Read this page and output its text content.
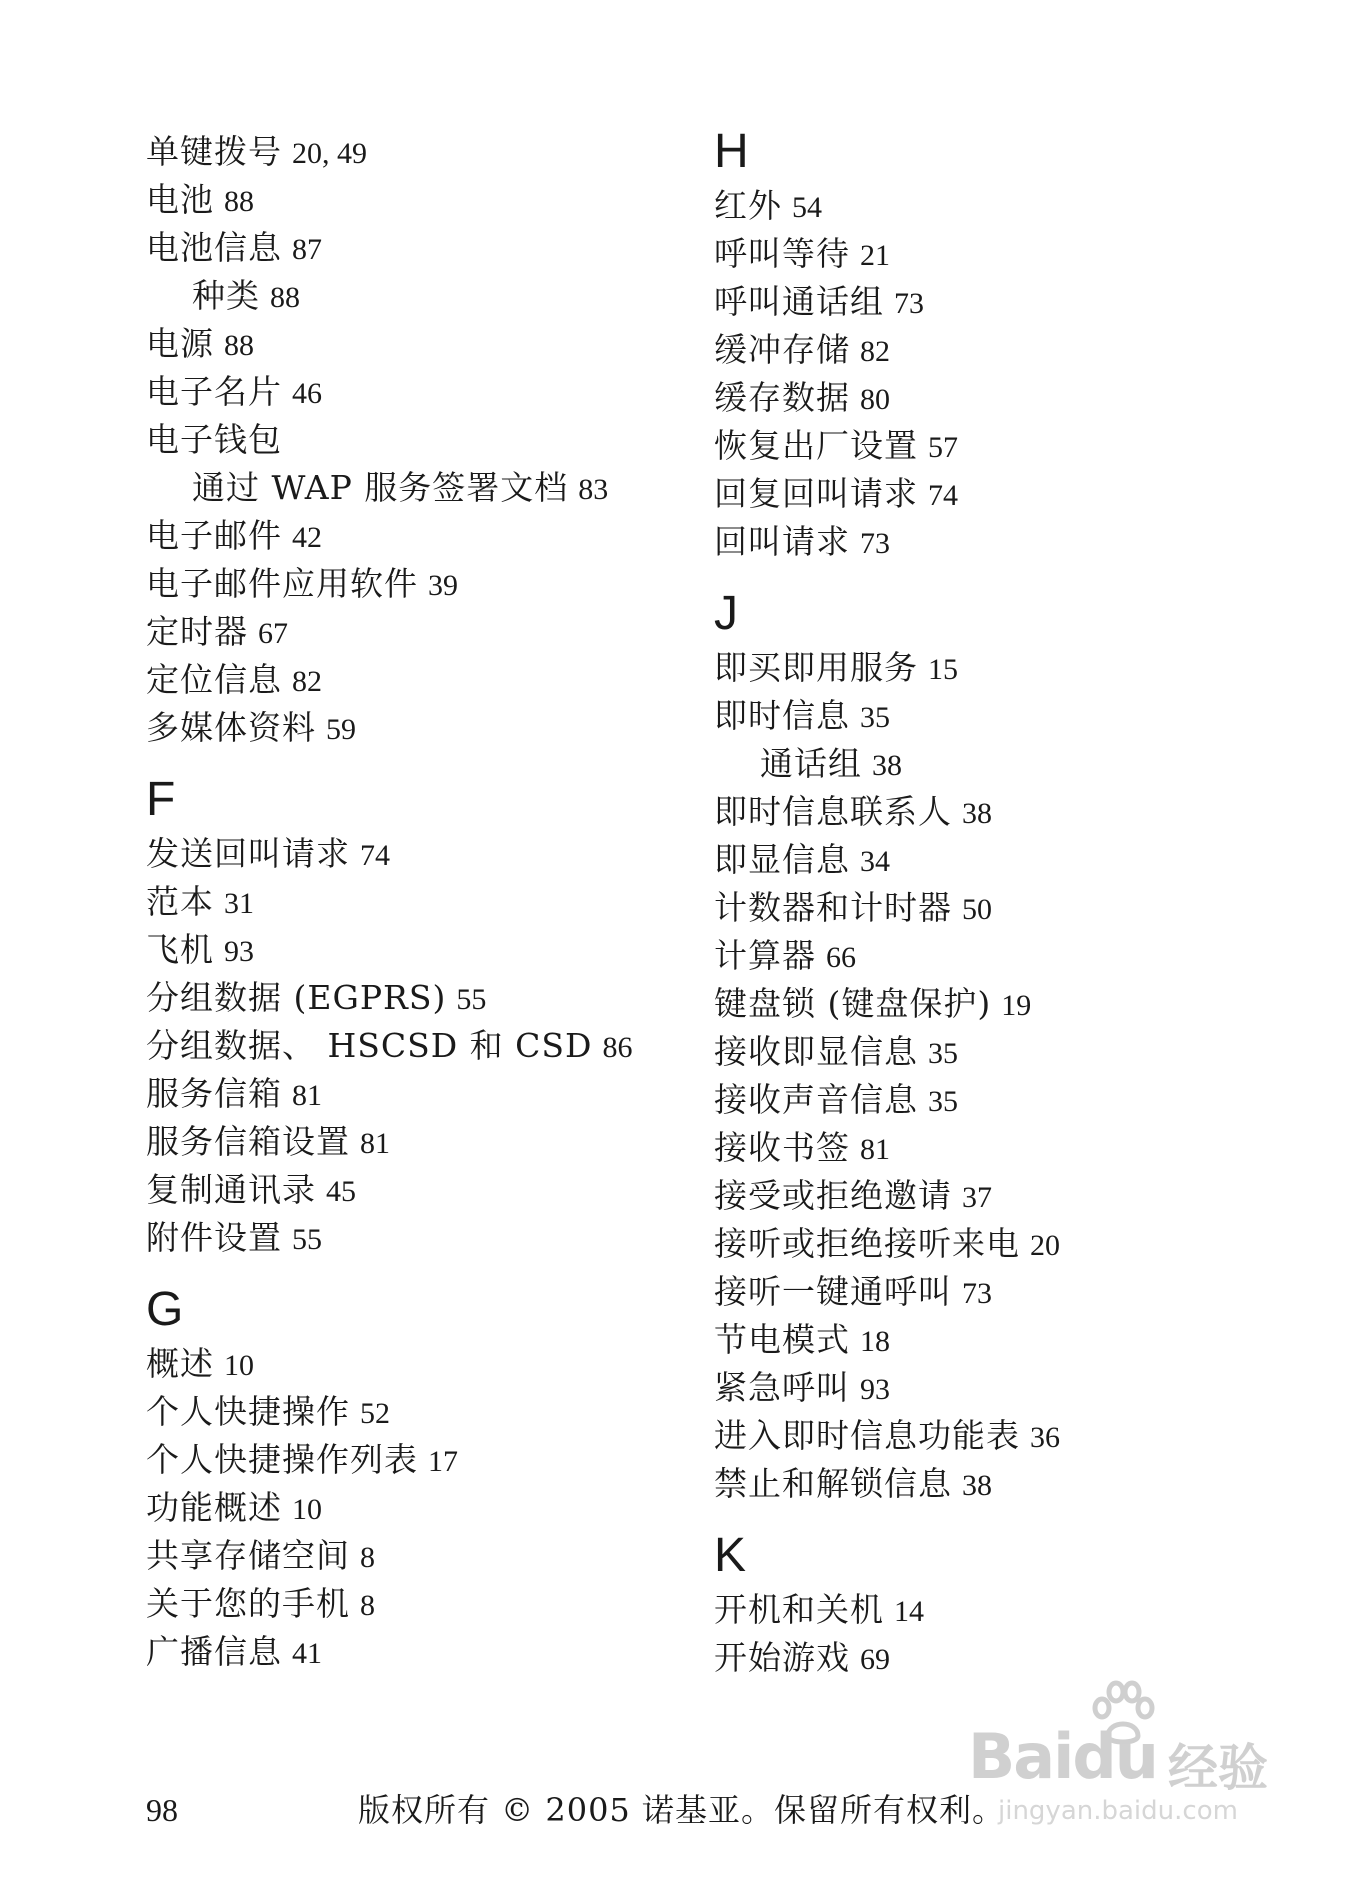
单键拨号 20, 49
电池 88
电池信息 87
种类 88
电源 88
电子名片 46
电子钱包
通过 WAP 服务签署文档 83
电子邮件 42
电子邮件应用软件 39
定时器 67
定位信息 82
多媒体资料 59
F
发送回叫请求 74
范本 31
飞机 93
分组数据 (EGPRS) 55
分组数据、 HSCSD 和 CSD 86
服务信箱 81
服务信箱设置 81
复制通讯录 45
附件设置 55
G
概述 10
个人快捷操作 52
个人快捷操作列表 17
功能概述 10
共享存储空间 8
关于您的手机 8
广播信息 41
H
红外 54
呼叫等待 21
呼叫通话组 73
缓冲存储 82
缓存数据 80
恢复出厂设置 57
回复回叫请求 74
回叫请求 73
J
即买即用服务 15
即时信息 35
通话组 38
即时信息联系人 38
即显信息 34
计数器和计时器 50
计算器 66
键盘锁 (键盘保护) 19
接收即显信息 35
接收声音信息 35
接收书签 81
接受或拒绝邀请 37
接听或拒绝接听来电 20
接听一键通呼叫 73
节电模式 18
紧急呼叫 93
进入即时信息功能表 36
禁止和解锁信息 38
K
开机和关机 14
开始游戏 69
Baidu 经验
jingyan.baidu.com
98	版权所有 © 2005 诺基亚。保留所有权利。
